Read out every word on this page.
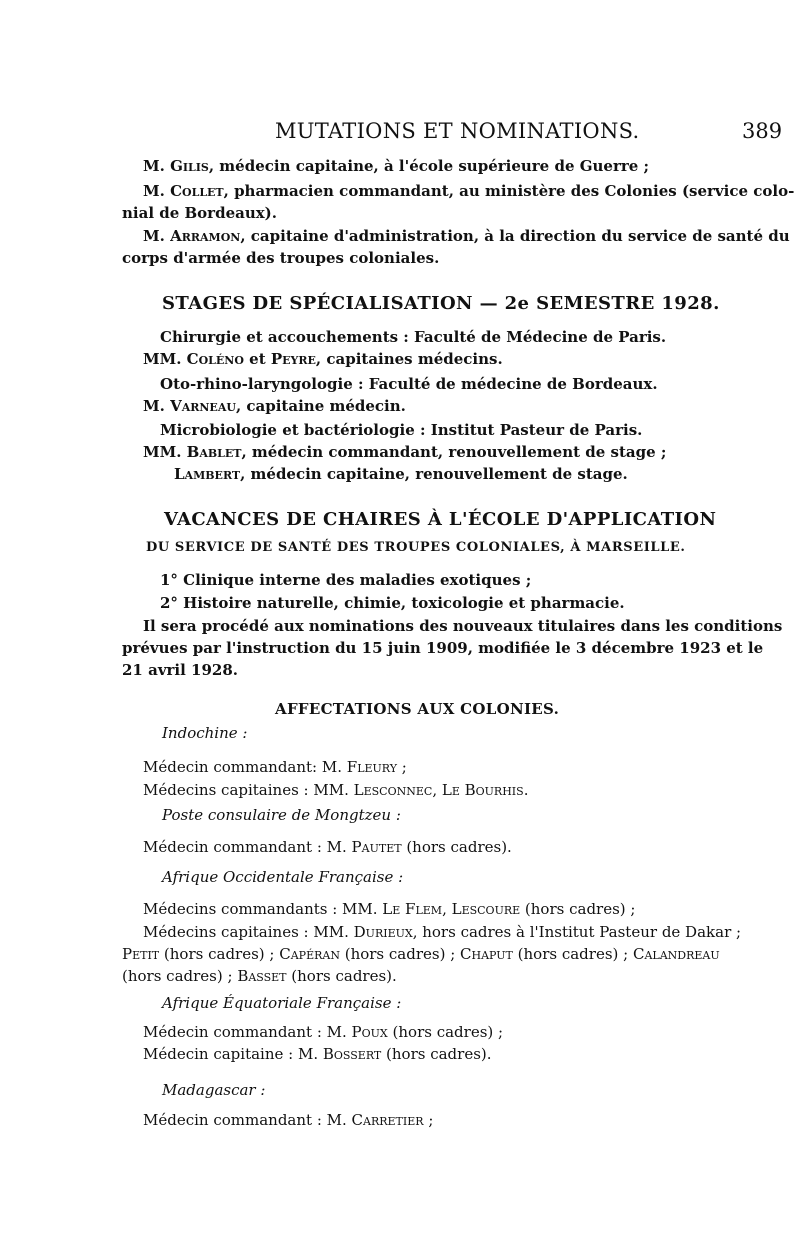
MUTATIONS ET NOMINATIONS.	389
M. Gilis, médecin capitaine, à l'école supérieure de Guerre ;
M. Collet, pharmacien commandant, au ministère des Colonies (service colo-
nial de Bordeaux).
M. Arramon, capitaine d'administration, à la direction du service de santé du
corps d'armée des troupes coloniales.
STAGES DE SPÉCIALISATION — 2e SEMESTRE 1928.
Chirurgie et accouchements : Faculté de Médecine de Paris.
MM. Coléno et Peyre, capitaines médecins.
Oto-rhino-laryngologie : Faculté de médecine de Bordeaux.
M. Varneau, capitaine médecin.
Microbiologie et bactériologie : Institut Pasteur de Paris.
MM. Bablet, médecin commandant, renouvellement de stage ;
Lambert, médecin capitaine, renouvellement de stage.
VACANCES DE CHAIRES À L'ÉCOLE D'APPLICATION
DU SERVICE DE SANTÉ DES TROUPES COLONIALES, À MARSEILLE.
1° Clinique interne des maladies exotiques ;
2° Histoire naturelle, chimie, toxicologie et pharmacie.
Il sera procédé aux nominations des nouveaux titulaires dans les conditions
prévues par l'instruction du 15 juin 1909, modifiée le 3 décembre 1923 et le
21 avril 1928.
AFFECTATIONS AUX COLONIES.
Indochine :
Médecin commandant: M. Fleury ;
Médecins capitaines : MM. Lesconnec, Le Bourhis.
Poste consulaire de Mongtzeu :
Médecin commandant : M. Pautet (hors cadres).
Afrique Occidentale Française :
Médecins commandants : MM. Le Flem, Lescoure (hors cadres) ;
Médecins capitaines : MM. Durieux, hors cadres à l'Institut Pasteur de Dakar ;
Petit (hors cadres) ; Capéran (hors cadres) ; Chaput (hors cadres) ; Calandreau
(hors cadres) ; Basset (hors cadres).
Afrique Équatoriale Française :
Médecin commandant : M. Poux (hors cadres) ;
Médecin capitaine : M. Bossert (hors cadres).
Madagascar :
Médecin commandant : M. Carretier ;
